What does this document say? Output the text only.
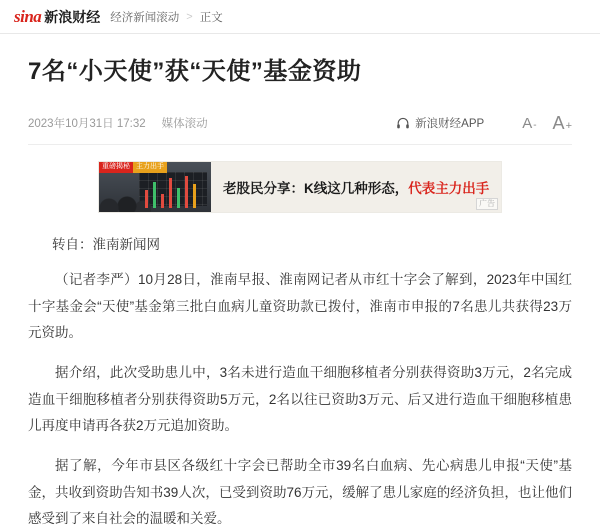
sina 新浪财经 经济新闻滚动 > 正文
7名“小天使”获“天使”基金资助
2023年10月31日 17:32 媒体滚动	新浪财经APP	A - A +
重磅揭秘 主力出手
老股民分享：K线这几种形态，代表主力出手
广告
转自：淮南新闻网

（记者李严）10月28日，淮南早报、淮南网记者从市红十字会了解到，2023年中国红十字基金会“天使”基金第三批白血病儿童资助款已拨付，淮南市申报的7名患儿共获得23万元资助。

据介绍，此次受助患儿中，3名未进行造血干细胞移植者分别获得资助3万元，2名完成造血干细胞移植者分别获得资助5万元，2名以往已资助3万元、后又进行造血干细胞移植患儿再度申请再各获2万元追加资助。

据了解，今年市县区各级红十字会已帮助全市39名白血病、先心病患儿申报“天使”基金，共收到资助告知书39人次，已受到资助76万元，缓解了患儿家庭的经济负担，也让他们感受到了来自社会的温暖和关爱。
